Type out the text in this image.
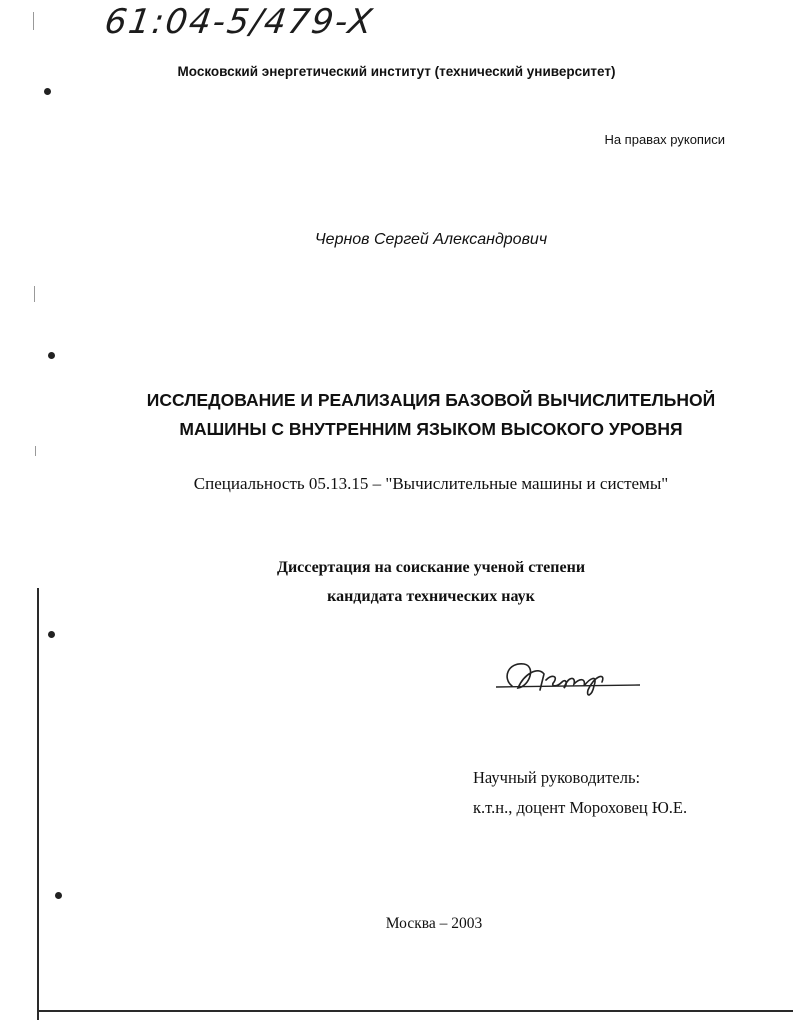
61:04-5/479-X
Московский энергетический институт (технический университет)
На правах рукописи
Чернов Сергей Александрович
ИССЛЕДОВАНИЕ И РЕАЛИЗАЦИЯ БАЗОВОЙ ВЫЧИСЛИТЕЛЬНОЙ
МАШИНЫ С ВНУТРЕННИМ ЯЗЫКОМ ВЫСОКОГО УРОВНЯ
Специальность 05.13.15 – "Вычислительные машины и системы"
Диссертация на соискание ученой степени
кандидата технических наук
Научный руководитель:
к.т.н., доцент Мороховец Ю.Е.
Москва – 2003
